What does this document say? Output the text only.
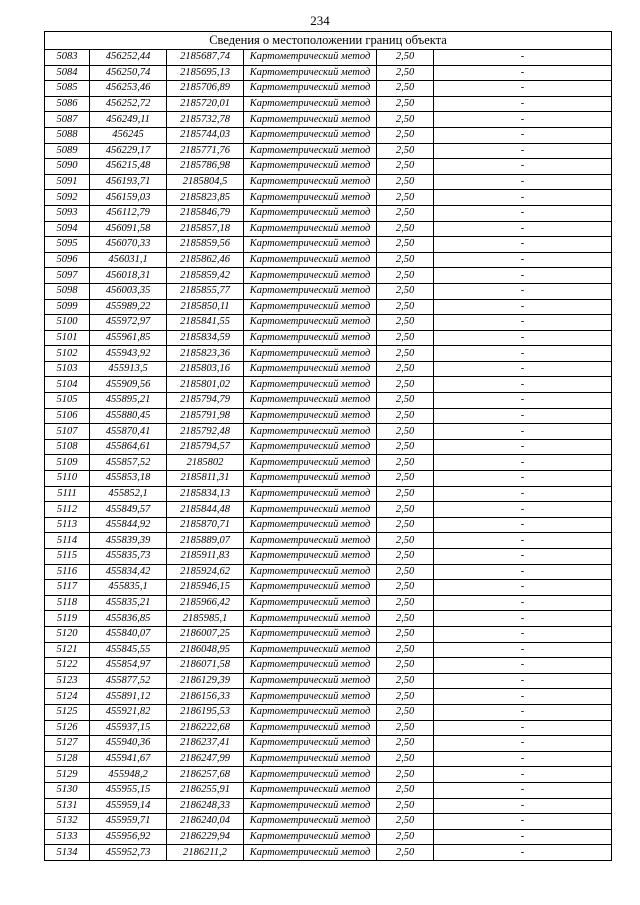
234
Сведения о местоположении границ объекта					
5083	456252,44	2185687,74	Картометрический метод	2,50	-
5084	456250,74	2185695,13	Картометрический метод	2,50	-
5085	456253,46	2185706,89	Картометрический метод	2,50	-
5086	456252,72	2185720,01	Картометрический метод	2,50	-
5087	456249,11	2185732,78	Картометрический метод	2,50	-
5088	456245	2185744,03	Картометрический метод	2,50	-
5089	456229,17	2185771,76	Картометрический метод	2,50	-
5090	456215,48	2185786,98	Картометрический метод	2,50	-
5091	456193,71	2185804,5	Картометрический метод	2,50	-
5092	456159,03	2185823,85	Картометрический метод	2,50	-
5093	456112,79	2185846,79	Картометрический метод	2,50	-
5094	456091,58	2185857,18	Картометрический метод	2,50	-
5095	456070,33	2185859,56	Картометрический метод	2,50	-
5096	456031,1	2185862,46	Картометрический метод	2,50	-
5097	456018,31	2185859,42	Картометрический метод	2,50	-
5098	456003,35	2185855,77	Картометрический метод	2,50	-
5099	455989,22	2185850,11	Картометрический метод	2,50	-
5100	455972,97	2185841,55	Картометрический метод	2,50	-
5101	455961,85	2185834,59	Картометрический метод	2,50	-
5102	455943,92	2185823,36	Картометрический метод	2,50	-
5103	455913,5	2185803,16	Картометрический метод	2,50	-
5104	455909,56	2185801,02	Картометрический метод	2,50	-
5105	455895,21	2185794,79	Картометрический метод	2,50	-
5106	455880,45	2185791,98	Картометрический метод	2,50	-
5107	455870,41	2185792,48	Картометрический метод	2,50	-
5108	455864,61	2185794,57	Картометрический метод	2,50	-
5109	455857,52	2185802	Картометрический метод	2,50	-
5110	455853,18	2185811,31	Картометрический метод	2,50	-
5111	455852,1	2185834,13	Картометрический метод	2,50	-
5112	455849,57	2185844,48	Картометрический метод	2,50	-
5113	455844,92	2185870,71	Картометрический метод	2,50	-
5114	455839,39	2185889,07	Картометрический метод	2,50	-
5115	455835,73	2185911,83	Картометрический метод	2,50	-
5116	455834,42	2185924,62	Картометрический метод	2,50	-
5117	455835,1	2185946,15	Картометрический метод	2,50	-
5118	455835,21	2185966,42	Картометрический метод	2,50	-
5119	455836,85	2185985,1	Картометрический метод	2,50	-
5120	455840,07	2186007,25	Картометрический метод	2,50	-
5121	455845,55	2186048,95	Картометрический метод	2,50	-
5122	455854,97	2186071,58	Картометрический метод	2,50	-
5123	455877,52	2186129,39	Картометрический метод	2,50	-
5124	455891,12	2186156,33	Картометрический метод	2,50	-
5125	455921,82	2186195,53	Картометрический метод	2,50	-
5126	455937,15	2186222,68	Картометрический метод	2,50	-
5127	455940,36	2186237,41	Картометрический метод	2,50	-
5128	455941,67	2186247,99	Картометрический метод	2,50	-
5129	455948,2	2186257,68	Картометрический метод	2,50	-
5130	455955,15	2186255,91	Картометрический метод	2,50	-
5131	455959,14	2186248,33	Картометрический метод	2,50	-
5132	455959,71	2186240,04	Картометрический метод	2,50	-
5133	455956,92	2186229,94	Картометрический метод	2,50	-
5134	455952,73	2186211,2	Картометрический метод	2,50	-
